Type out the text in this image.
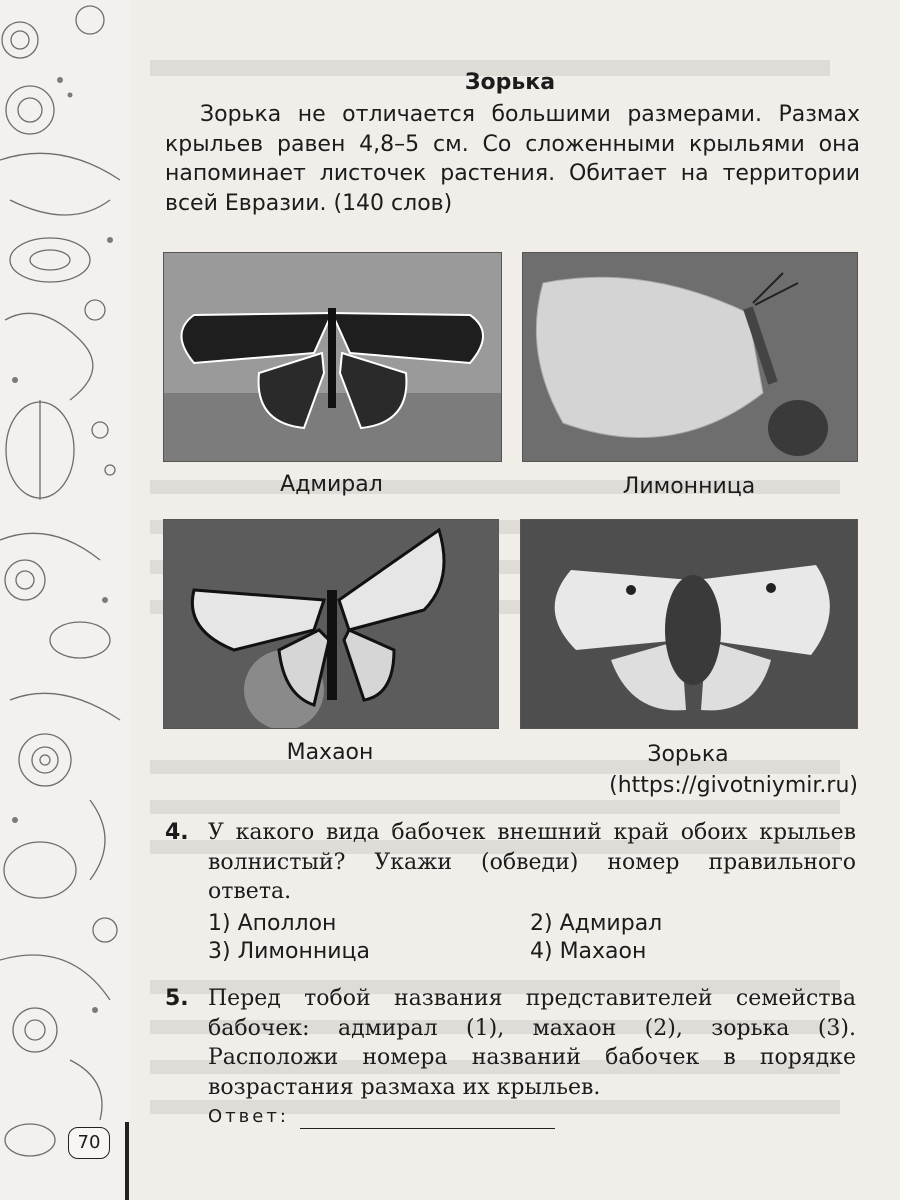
Зорька
Зорька не отличается большими размерами. Размах крыльев равен 4,8–5 см. Со сложенными крыльями она напоминает листочек растения. Обитает на территории всей Евразии. (140 слов)
Адмирал	Лимонница
Махаон	Зорька
(https://givotniymir.ru)
4. У какого вида бабочек внешний край обоих крыльев волнистый? Укажи (обведи) номер правильного ответа.
1) Аполлон	2) Адмирал
3) Лимонница	4) Махаон
5. Перед тобой названия представителей семейства бабочек: адмирал (1), махаон (2), зорька (3). Расположи номера названий бабочек в порядке возрастания размаха их крыльев.
Ответ:
70
